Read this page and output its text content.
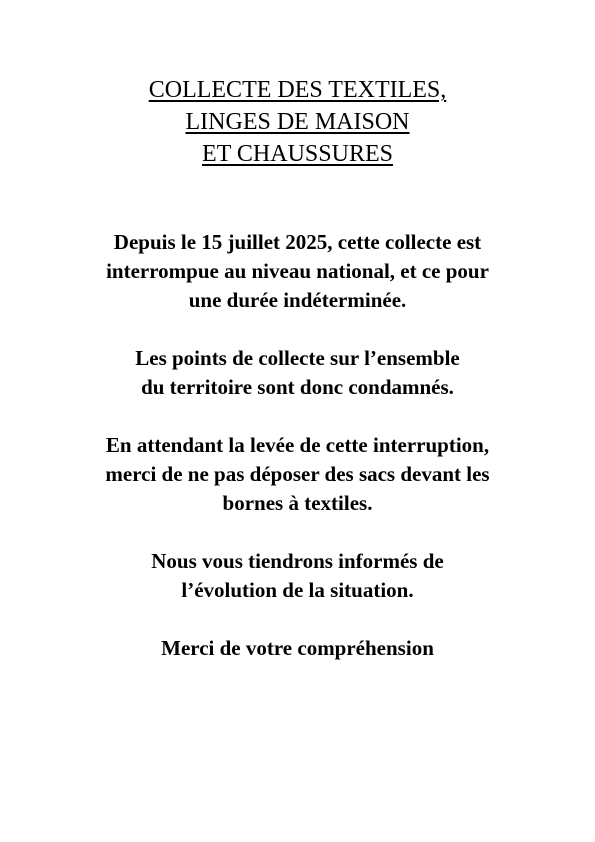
COLLECTE DES TEXTILES,
LINGES DE MAISON
ET CHAUSSURES

Depuis le 15 juillet 2025, cette collecte est
interrompue au niveau national, et ce pour
une durée indéterminée.

Les points de collecte sur l’ensemble
du territoire sont donc condamnés.

En attendant la levée de cette interruption,
merci de ne pas déposer des sacs devant les
bornes à textiles.

Nous vous tiendrons informés de
l’évolution de la situation.

Merci de votre compréhension
